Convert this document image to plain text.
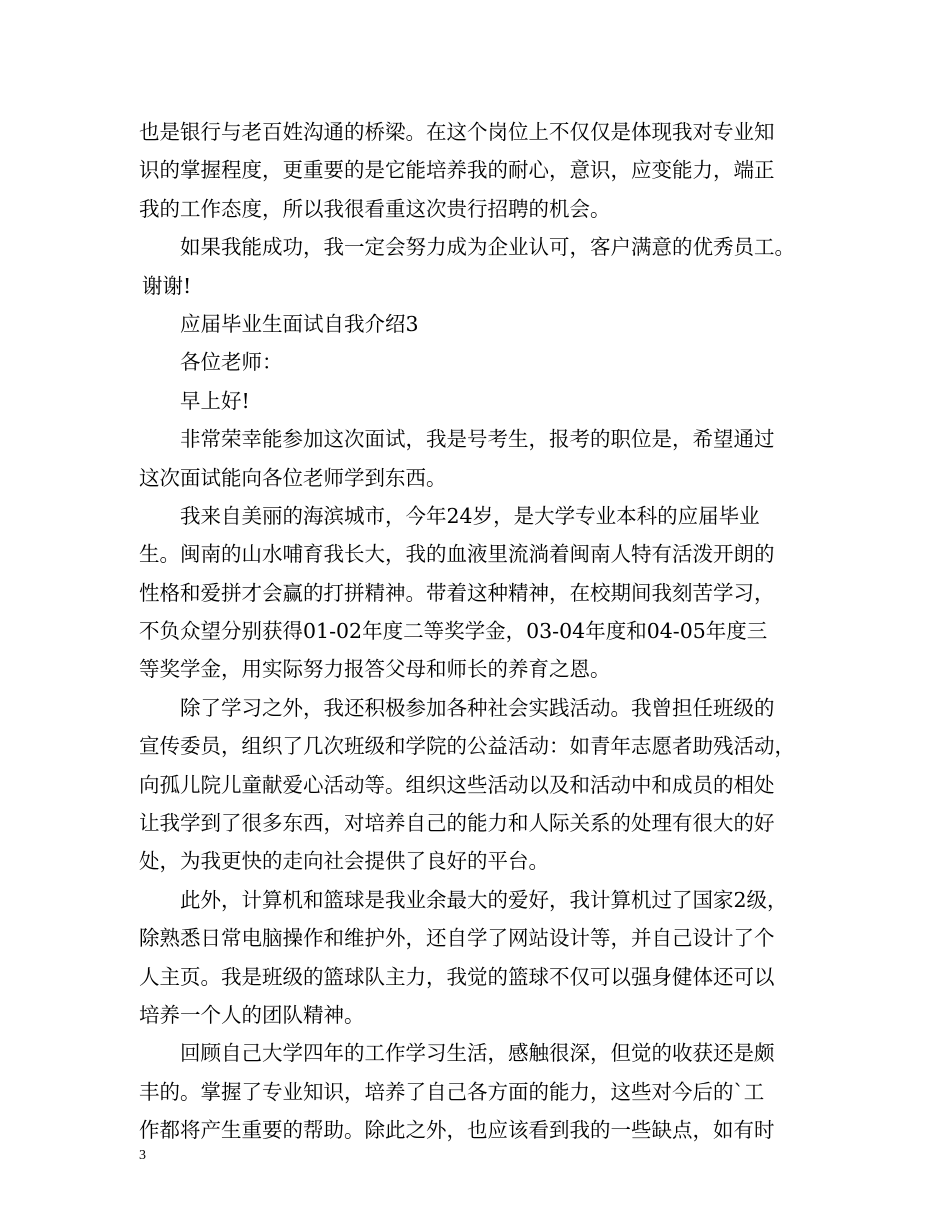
也是银行与老百姓沟通的桥梁。在这个岗位上不仅仅是体现我对专业知
识的掌握程度，更重要的是它能培养我的耐心，意识，应变能力，端正
我的工作态度，所以我很看重这次贵行招聘的机会。
如果我能成功，我一定会努力成为企业认可，客户满意的优秀员工。
谢谢!
应届毕业生面试自我介绍3
各位老师：
早上好!
非常荣幸能参加这次面试，我是号考生，报考的职位是，希望通过
这次面试能向各位老师学到东西。
我来自美丽的海滨城市，今年24岁，是大学专业本科的应届毕业
生。闽南的山水哺育我长大，我的血液里流淌着闽南人特有活泼开朗的
性格和爱拼才会赢的打拼精神。带着这种精神，在校期间我刻苦学习，
不负众望分别获得01-02年度二等奖学金，03-04年度和04-05年度三
等奖学金，用实际努力报答父母和师长的养育之恩。
除了学习之外，我还积极参加各种社会实践活动。我曾担任班级的
宣传委员，组织了几次班级和学院的公益活动：如青年志愿者助残活动，
向孤儿院儿童献爱心活动等。组织这些活动以及和活动中和成员的相处
让我学到了很多东西，对培养自己的能力和人际关系的处理有很大的好
处，为我更快的走向社会提供了良好的平台。
此外，计算机和篮球是我业余最大的爱好，我计算机过了国家2级，
除熟悉日常电脑操作和维护外，还自学了网站设计等，并自己设计了个
人主页。我是班级的篮球队主力，我觉的篮球不仅可以强身健体还可以
培养一个人的团队精神。
回顾自己大学四年的工作学习生活，感触很深，但觉的收获还是颇
丰的。掌握了专业知识，培养了自己各方面的能力，这些对今后的`工
作都将产生重要的帮助。除此之外，也应该看到我的一些缺点，如有时
3
